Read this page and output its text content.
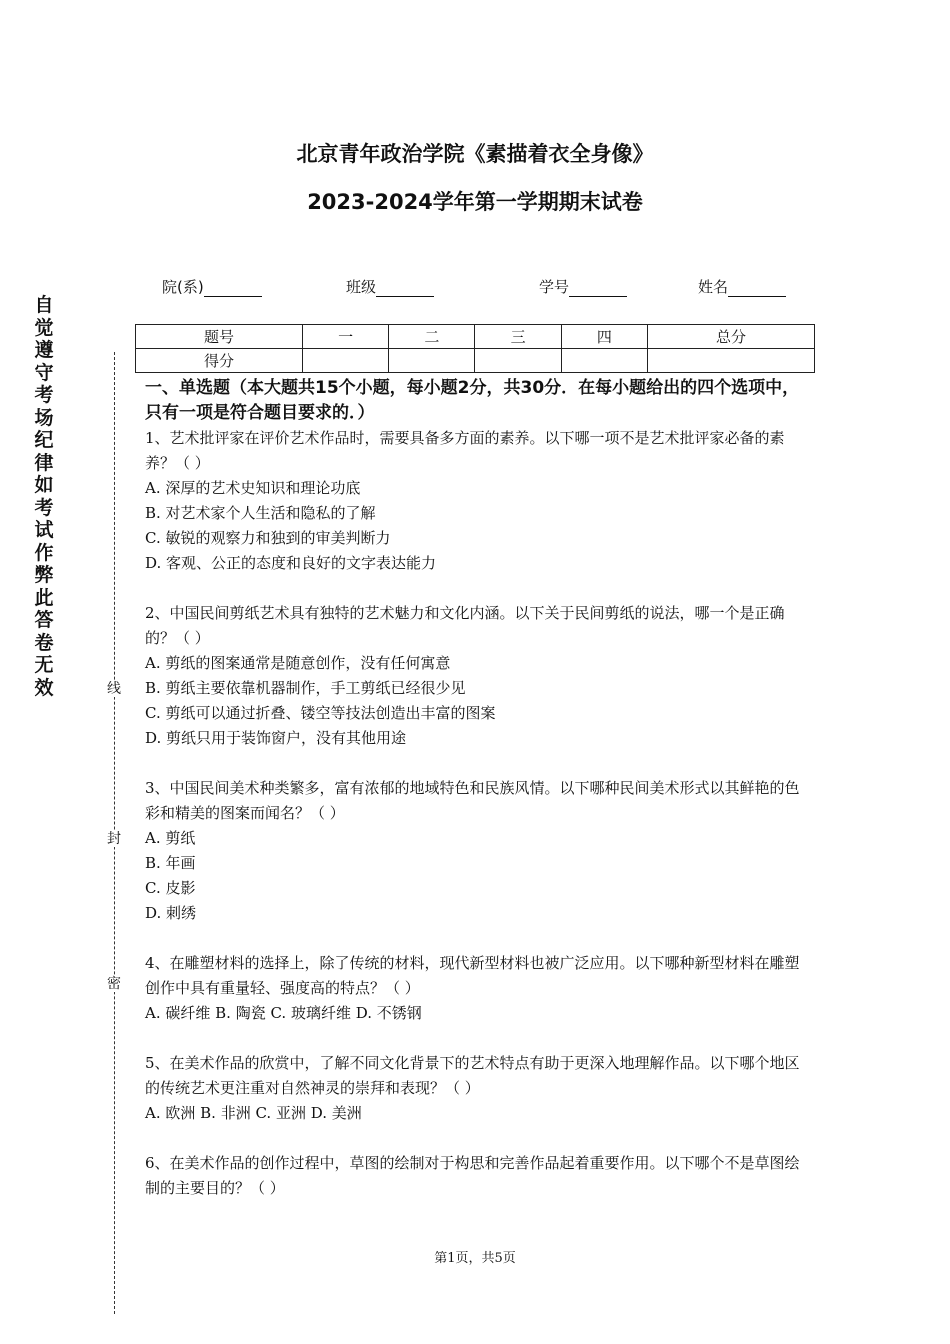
北京青年政治学院《素描着衣全身像》
2023-2024学年第一学期期末试卷
院(系)	班级	学号	姓名
题号	一	二	三	四	总分
得分					
自觉遵守考场纪律如考试作弊此答卷无效	线
封
密

一、单选题（本大题共15个小题，每小题2分，共30分．在每小题给出的四个选项中，只有一项是符合题目要求的．）

1、艺术批评家在评价艺术作品时，需要具备多方面的素养。以下哪一项不是艺术批评家必备的素养？（ ）

A. 深厚的艺术史知识和理论功底

B. 对艺术家个人生活和隐私的了解

C. 敏锐的观察力和独到的审美判断力

D. 客观、公正的态度和良好的文字表达能力

2、中国民间剪纸艺术具有独特的艺术魅力和文化内涵。以下关于民间剪纸的说法，哪一个是正确的？（ ）

A. 剪纸的图案通常是随意创作，没有任何寓意

B. 剪纸主要依靠机器制作，手工剪纸已经很少见

C. 剪纸可以通过折叠、镂空等技法创造出丰富的图案

D. 剪纸只用于装饰窗户，没有其他用途

3、中国民间美术种类繁多，富有浓郁的地域特色和民族风情。以下哪种民间美术形式以其鲜艳的色彩和精美的图案而闻名？（ ）

A. 剪纸

B. 年画

C. 皮影

D. 刺绣

4、在雕塑材料的选择上，除了传统的材料，现代新型材料也被广泛应用。以下哪种新型材料在雕塑创作中具有重量轻、强度高的特点？（ ）

A. 碳纤维 B. 陶瓷 C. 玻璃纤维 D. 不锈钢

5、在美术作品的欣赏中，了解不同文化背景下的艺术特点有助于更深入地理解作品。以下哪个地区的传统艺术更注重对自然神灵的崇拜和表现？（ ）

A. 欧洲 B. 非洲 C. 亚洲 D. 美洲

6、在美术作品的创作过程中，草图的绘制对于构思和完善作品起着重要作用。以下哪个不是草图绘制的主要目的？（ ）

第1页，共5页
